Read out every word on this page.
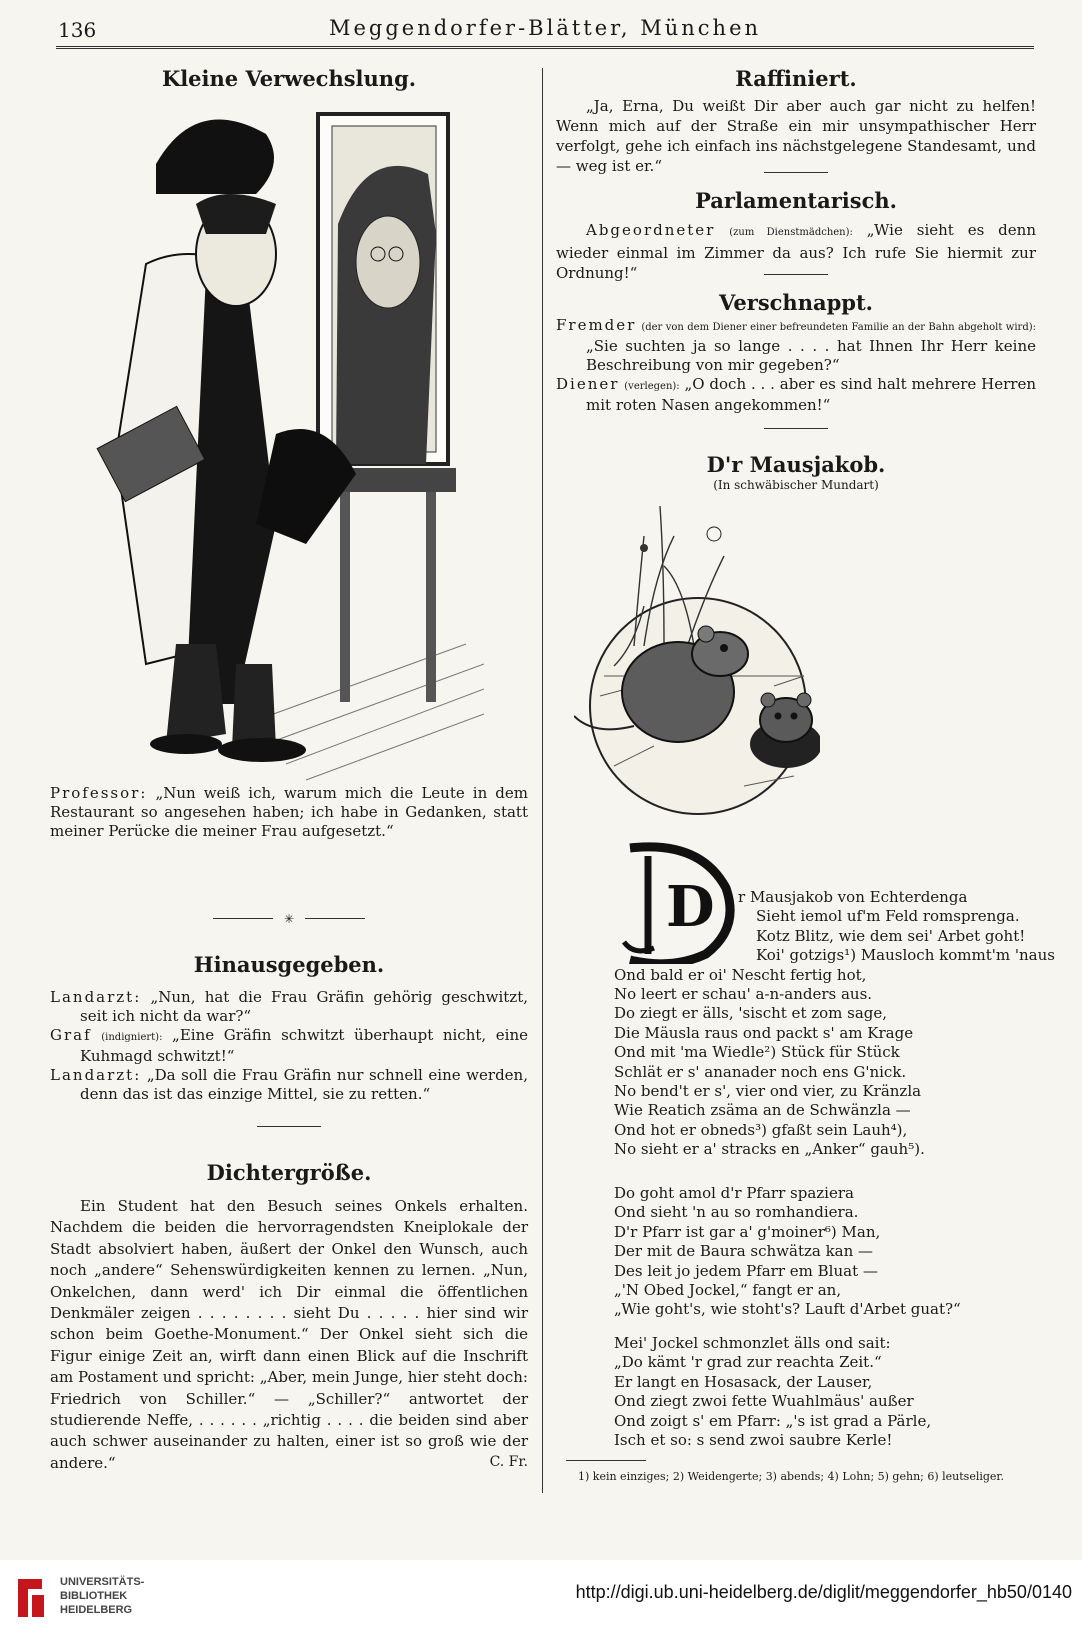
136	Meggendorfer-Blätter, München
Kleine Verwechslung.

Professor: „Nun weiß ich, warum mich die Leute in dem Restaurant so angesehen haben; ich habe in Gedanken, statt meiner Perücke die meiner Frau aufgesetzt.“

✳
Hinausgegeben.

Landarzt: „Nun, hat die Frau Gräfin gehörig geschwitzt, seit ich nicht da war?“

Graf (indigniert): „Eine Gräfin schwitzt überhaupt nicht, eine Kuhmagd schwitzt!“

Landarzt: „Da soll die Frau Gräfin nur schnell eine werden, denn das ist das einzige Mittel, sie zu retten.“

Dichtergröße.

Ein Student hat den Besuch seines Onkels erhalten. Nachdem die beiden die hervorragendsten Kneiplokale der Stadt absolviert haben, äußert der Onkel den Wunsch, auch noch „andere“ Sehenswürdigkeiten kennen zu lernen. „Nun, Onkelchen, dann werd' ich Dir einmal die öffentlichen Denkmäler zeigen . . . . . . . . sieht Du . . . . . hier sind wir schon beim Goethe-Monument.“ Der Onkel sieht sich die Figur einige Zeit an, wirft dann einen Blick auf die Inschrift am Postament und spricht: „Aber, mein Junge, hier steht doch: Friedrich von Schiller.“ — „Schiller?“ antwortet der studierende Neffe, . . . . . . „richtig . . . . die beiden sind aber auch schwer auseinander zu halten, einer ist so groß wie der andere.“	C. Fr.

Raffiniert.

„Ja, Erna, Du weißt Dir aber auch gar nicht zu helfen! Wenn mich auf der Straße ein mir unsympathischer Herr verfolgt, gehe ich einfach ins nächstgelegene Standesamt, und — weg ist er.“

Parlamentarisch.

Abgeordneter (zum Dienstmädchen): „Wie sieht es denn wieder einmal im Zimmer da aus? Ich rufe Sie hiermit zur Ordnung!“

Verschnappt.

Fremder (der von dem Diener einer befreundeten Familie an der Bahn abgeholt wird): „Sie suchten ja so lange . . . . hat Ihnen Ihr Herr keine Beschreibung von mir gegeben?“

Diener (verlegen): „O doch . . . aber es sind halt mehrere Herren mit roten Nasen angekommen!“

D'r Mausjakob.
(In schwäbischer Mundart)
D	r Mausjakob von Echterdenga
Sieht iemol uf'm Feld romsprenga.
Kotz Blitz, wie dem sei' Arbet goht!
Koi' gotzigs¹) Mausloch kommt'm 'naus
Ond bald er oi' Nescht fertig hot,
No leert er schau' a-n-anders aus.
Do ziegt er älls, 'sischt et zom sage,
Die Mäusla raus ond packt s' am Krage
Ond mit 'ma Wiedle²) Stück für Stück
Schlät er s' ananader noch ens G'nick.
No bend't er s', vier ond vier, zu Kränzla
Wie Reatich zsäma an de Schwänzla —
Ond hot er obneds³) gfaßt sein Lauh⁴),
No sieht er a' stracks en „Anker“ gauh⁵).
Do goht amol d'r Pfarr spaziera
Ond sieht 'n au so romhandiera.
D'r Pfarr ist gar a' g'moiner⁶) Man,
Der mit de Baura schwätza kan —
Des leit jo jedem Pfarr em Bluat —
„'N Obed Jockel,“ fangt er an,
„Wie goht's, wie stoht's? Lauft d'Arbet guat?“
Mei' Jockel schmonzlet älls ond sait:
„Do kämt 'r grad zur reachta Zeit.“
Er langt en Hosasack, der Lauser,
Ond ziegt zwoi fette Wuahlmäus' außer
Ond zoigt s' em Pfarr: „'s ist grad a Pärle,
Isch et so: s send zwoi saubre Kerle!
1) kein einziges; 2) Weidengerte; 3) abends; 4) Lohn; 5) gehn; 6) leutseliger.
UNIVERSITÄTS-
BIBLIOTHEK
HEIDELBERG
http://digi.ub.uni-heidelberg.de/diglit/meggendorfer_hb50/0140
